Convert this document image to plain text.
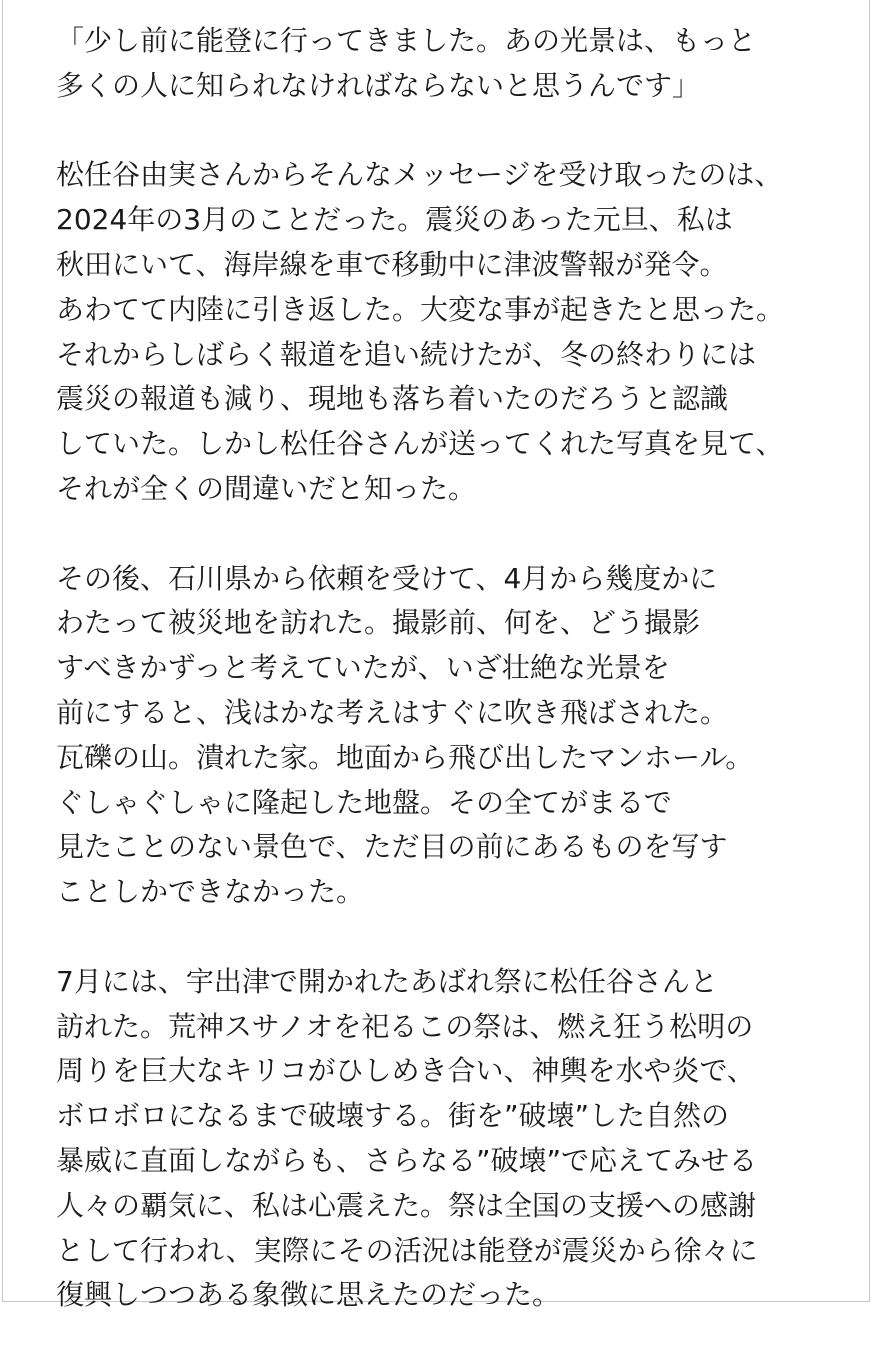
「少し前に能登に行ってきました。あの光景は、もっと
多くの人に知られなければならないと思うんです」
松任谷由実さんからそんなメッセージを受け取ったのは、
2024年の3月のことだった。震災のあった元旦、私は
秋田にいて、海岸線を車で移動中に津波警報が発令。
あわてて内陸に引き返した。大変な事が起きたと思った。
それからしばらく報道を追い続けたが、冬の終わりには
震災の報道も減り、現地も落ち着いたのだろうと認識
していた。しかし松任谷さんが送ってくれた写真を見て、
それが全くの間違いだと知った。
その後、石川県から依頼を受けて、4月から幾度かに
わたって被災地を訪れた。撮影前、何を、どう撮影
すべきかずっと考えていたが、いざ壮絶な光景を
前にすると、浅はかな考えはすぐに吹き飛ばされた。
瓦礫の山。潰れた家。地面から飛び出したマンホール。
ぐしゃぐしゃに隆起した地盤。その全てがまるで
見たことのない景色で、ただ目の前にあるものを写す
ことしかできなかった。
7月には、宇出津で開かれたあばれ祭に松任谷さんと
訪れた。荒神スサノオを祀るこの祭は、燃え狂う松明の
周りを巨大なキリコがひしめき合い、神輿を水や炎で、
ボロボロになるまで破壊する。街を”破壊”した自然の
暴威に直面しながらも、さらなる”破壊”で応えてみせる
人々の覇気に、私は心震えた。祭は全国の支援への感謝
として行われ、実際にその活況は能登が震災から徐々に
復興しつつある象徴に思えたのだった。
